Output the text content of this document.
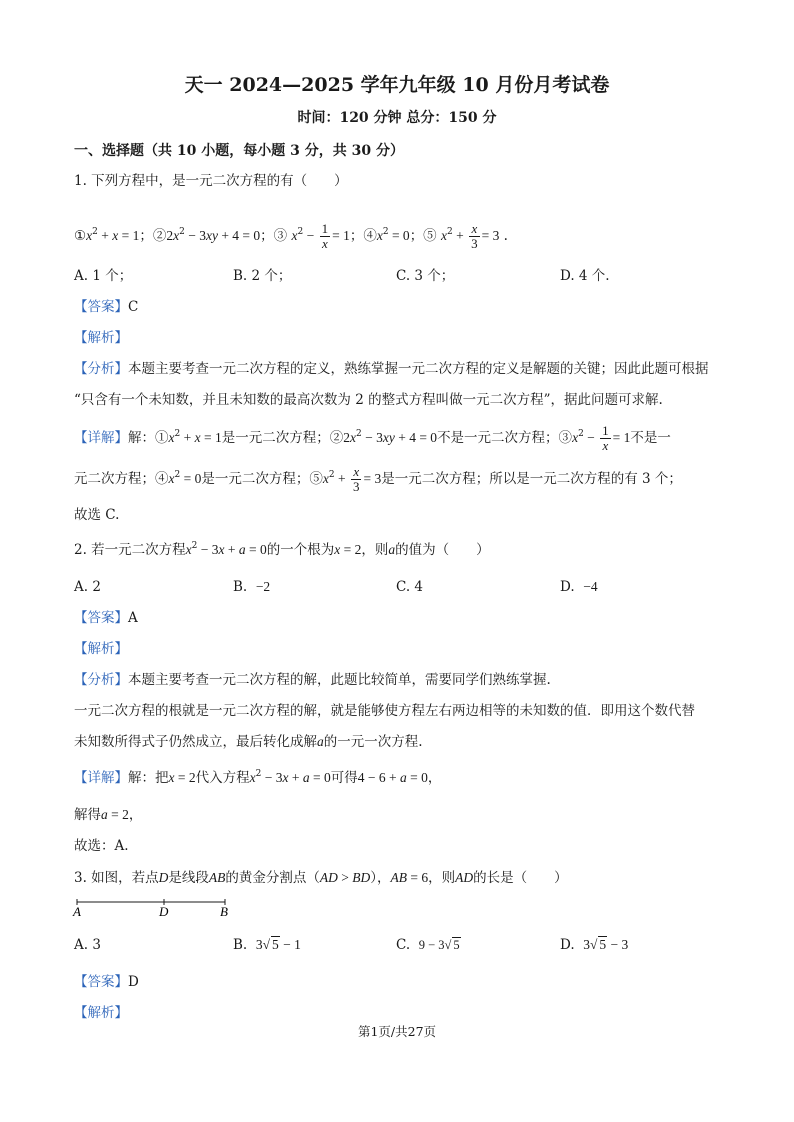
天一 2024—2025 学年九年级 10 月份月考试卷
时间：120 分钟 总分：150 分
一、选择题（共 10 小题，每小题 3 分，共 30 分）
1. 下列方程中，是一元二次方程的有（　　）
$①x^2 + x = 1$；$②2x^2 - 3xy + 4 = 0$；③ $x^2 - \frac{1}{x} = 1$；$④x^2 = 0$；⑤ $x^2 + \frac{x}{3} = 3$ .
A. 1 个；	B. 2 个；	C. 3 个；	D. 4 个.
【答案】C
【解析】
【分析】本题主要考查一元二次方程的定义，熟练掌握一元二次方程的定义是解题的关键；因此此题可根据
“只含有一个未知数，并且未知数的最高次数为 2 的整式方程叫做一元二次方程”，据此问题可求解.
【详解】解：$①x^2 + x = 1$是一元二次方程；$②2x^2 - 3xy + 4 = 0$不是一元二次方程；$③x^2 - \frac{1}{x} = 1$不是一
元二次方程；$④x^2 = 0$是一元二次方程；$⑤x^2 + \frac{x}{3} = 3$是一元二次方程；所以是一元二次方程的有 3 个；
故选 C.
2. 若一元二次方程$x^2 - 3x + a = 0$的一个根为x = 2，则a的值为（　　）
A. 2	B. −2	C. 4	D. −4
【答案】A
【解析】
【分析】本题主要考查一元二次方程的解，此题比较简单，需要同学们熟练掌握.
一元二次方程的根就是一元二次方程的解，就是能够使方程左右两边相等的未知数的值．即用这个数代替
未知数所得式子仍然成立，最后转化成解a的一元一次方程.
【详解】解：把x = 2代入方程$x^2 - 3x + a = 0$可得4 − 6 + a = 0，
解得a = 2，
故选：A.
3. 如图，若点D是线段AB的黄金分割点（AD > BD），AB = 6，则AD的长是（　　）
A	D	B
A. 3	B. 3√ 5 − 1	C. 9 − 3√ 5	D. 3√ 5 − 3
【答案】D
【解析】
第1页/共27页
